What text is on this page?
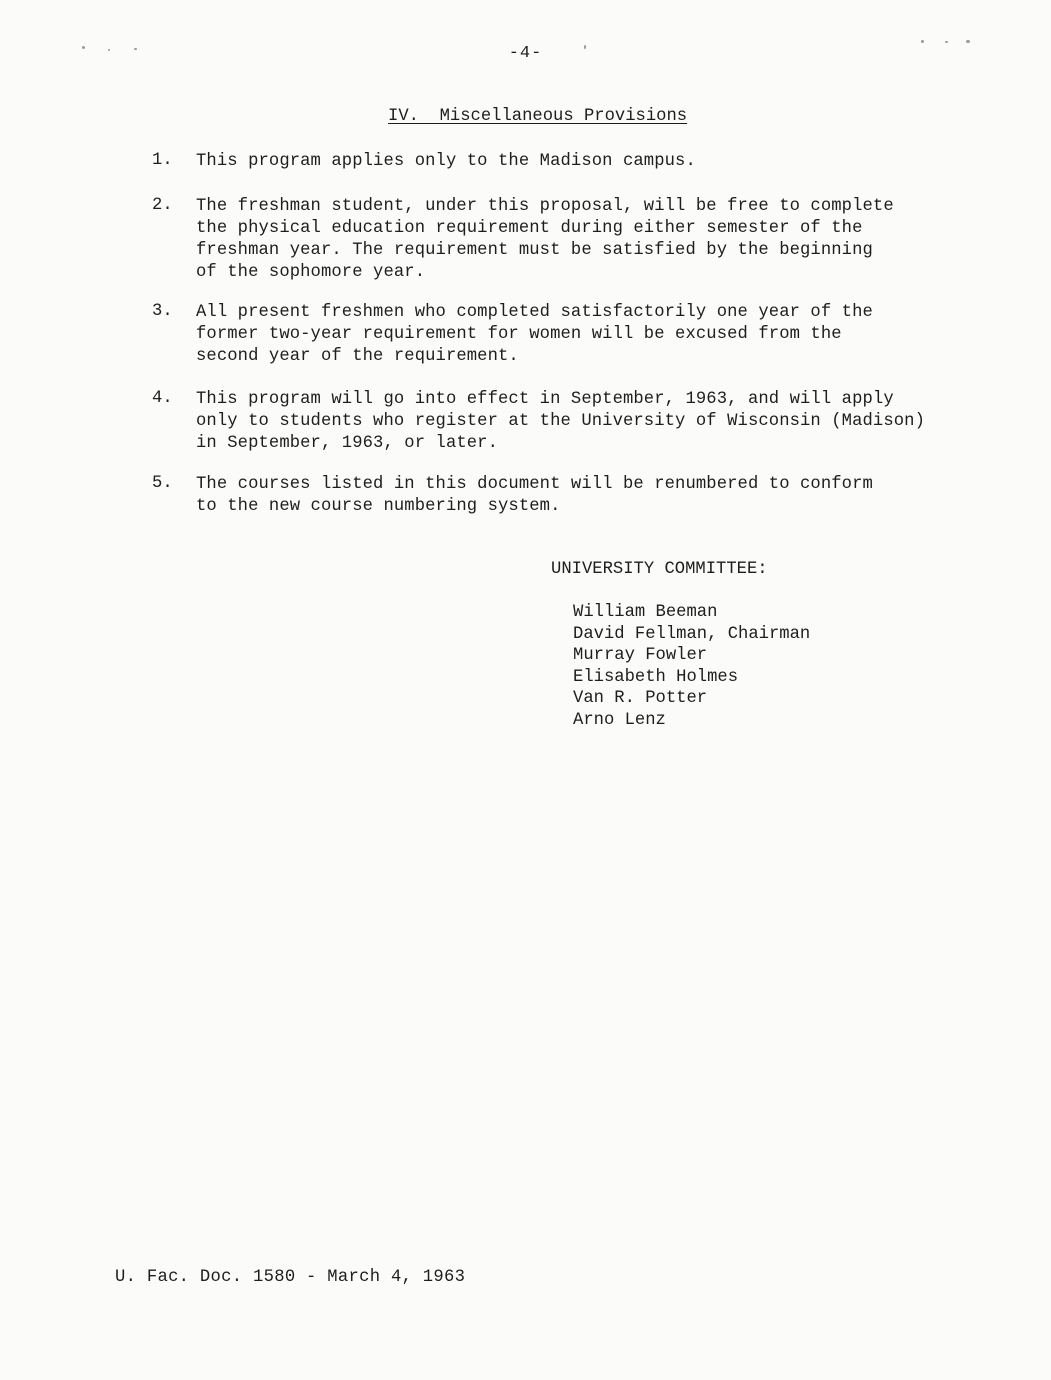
-4-
IV.  Miscellaneous Provisions
1. This program applies only to the Madison campus.
2. The freshman student, under this proposal, will be free to complete
the physical education requirement during either semester of the
freshman year. The requirement must be satisfied by the beginning
of the sophomore year.
3. All present freshmen who completed satisfactorily one year of the
former two-year requirement for women will be excused from the
second year of the requirement.
4. This program will go into effect in September, 1963, and will apply
only to students who register at the University of Wisconsin (Madison)
in September, 1963, or later.
5. The courses listed in this document will be renumbered to conform
to the new course numbering system.
UNIVERSITY COMMITTEE:
William Beeman
David Fellman, Chairman
Murray Fowler
Elisabeth Holmes
Van R. Potter
Arno Lenz
U. Fac. Doc. 1580 - March 4, 1963
